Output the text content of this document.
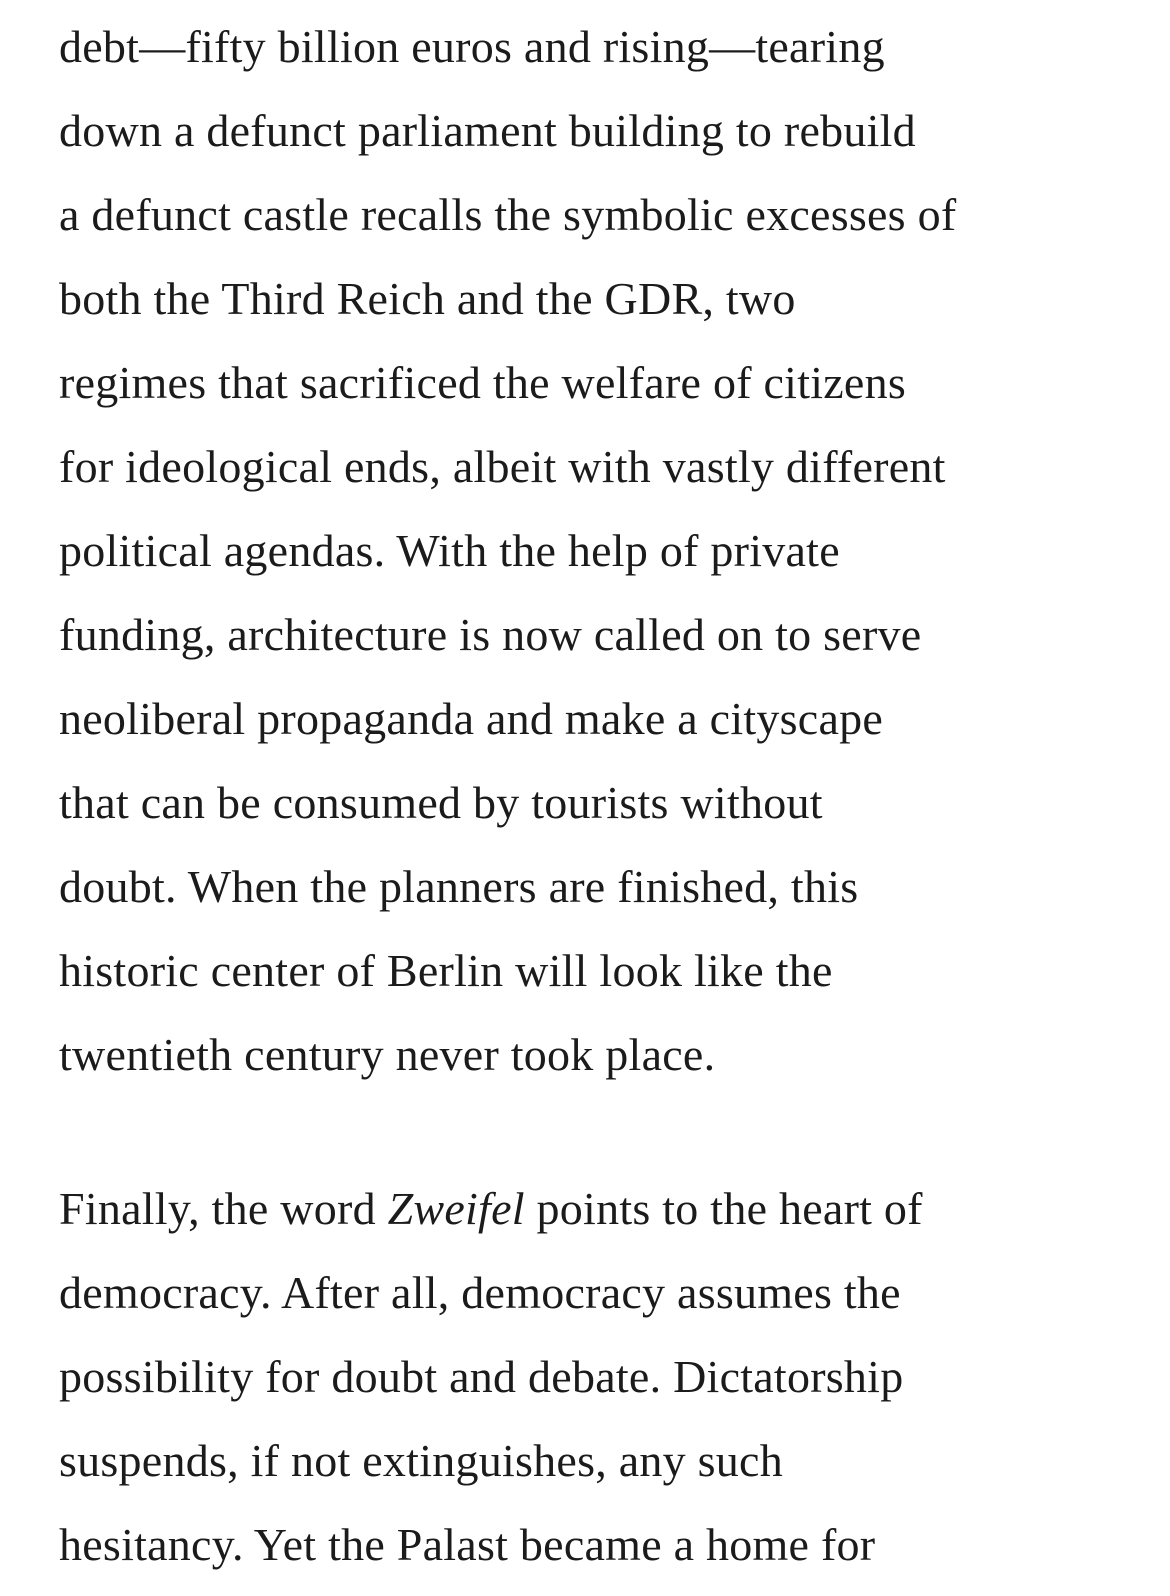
debt—fifty billion euros and rising—tearing
down a defunct parliament building to rebuild
a defunct castle recalls the symbolic excesses of
both the Third Reich and the GDR, two
regimes that sacrificed the welfare of citizens
for ideological ends, albeit with vastly different
political agendas. With the help of private
funding, architecture is now called on to serve
neoliberal propaganda and make a cityscape
that can be consumed by tourists without
doubt. When the planners are finished, this
historic center of Berlin will look like the
twentieth century never took place.
Finally, the word Zweifel points to the heart of
democracy. After all, democracy assumes the
possibility for doubt and debate. Dictatorship
suspends, if not extinguishes, any such
hesitancy. Yet the Palast became a home for
